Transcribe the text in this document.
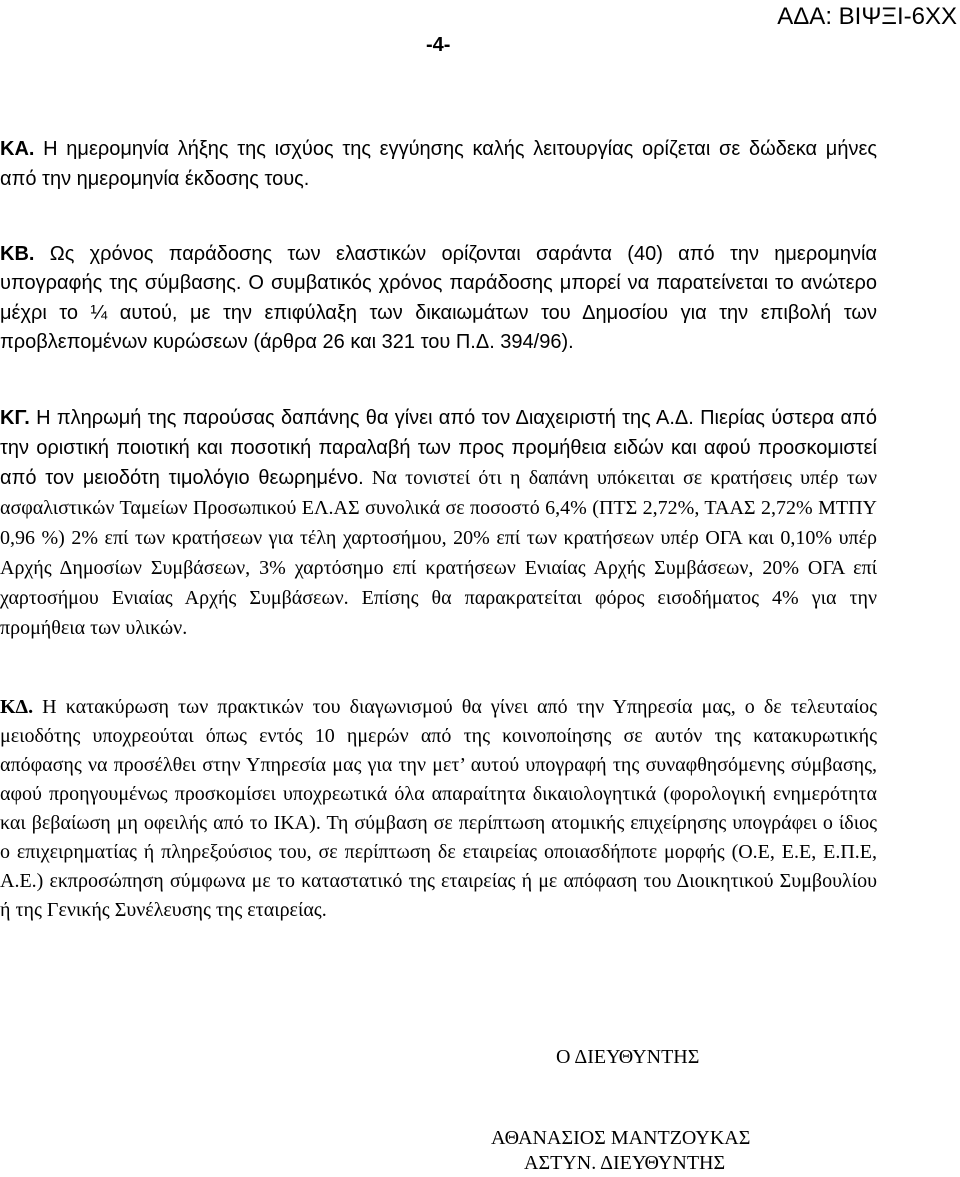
ΑΔΑ: ΒΙΨΞΙ-6ΧΧ
-4-

ΚΑ. Η ημερομηνία λήξης της ισχύος της εγγύησης καλής λειτουργίας ορίζεται σε δώδεκα μήνες από την ημερομηνία έκδοσης τους.

ΚΒ. Ως χρόνος παράδοσης των ελαστικών ορίζονται σαράντα (40) από την ημερομηνία υπογραφής της σύμβασης. Ο συμβατικός χρόνος παράδοσης μπορεί να παρατείνεται το ανώτερο μέχρι το ¼ αυτού, με την επιφύλαξη των δικαιωμάτων του Δημοσίου για την επιβολή των προβλεπομένων κυρώσεων (άρθρα 26 και 321 του Π.Δ. 394/96).

ΚΓ. Η πληρωμή της παρούσας δαπάνης θα γίνει από τον Διαχειριστή της Α.Δ. Πιερίας ύστερα από την οριστική ποιοτική και ποσοτική παραλαβή των προς προμήθεια ειδών και αφού προσκομιστεί από τον μειοδότη τιμολόγιο θεωρημένο. Να τονιστεί ότι η δαπάνη υπόκειται σε κρατήσεις υπέρ των ασφαλιστικών Ταμείων Προσωπικού ΕΛ.ΑΣ συνολικά σε ποσοστό 6,4% (ΠΤΣ 2,72%, ΤΑΑΣ 2,72% ΜΤΠΥ 0,96 %) 2% επί των κρατήσεων για τέλη χαρτοσήμου, 20% επί των κρατήσεων υπέρ ΟΓΑ και 0,10% υπέρ Αρχής Δημοσίων Συμβάσεων, 3% χαρτόσημο επί κρατήσεων Ενιαίας Αρχής Συμβάσεων, 20% ΟΓΑ επί χαρτοσήμου Ενιαίας Αρχής Συμβάσεων. Επίσης θα παρακρατείται φόρος εισοδήματος 4% για την προμήθεια των υλικών.

ΚΔ. Η κατακύρωση των πρακτικών του διαγωνισμού θα γίνει από την Υπηρεσία μας, ο δε τελευταίος μειοδότης υποχρεούται όπως εντός 10 ημερών από της κοινοποίησης σε αυτόν της κατακυρωτικής απόφασης να προσέλθει στην Υπηρεσία μας για την μετ’ αυτού υπογραφή της συναφθησόμενης σύμβασης, αφού προηγουμένως προσκομίσει υποχρεωτικά όλα απαραίτητα δικαιολογητικά (φορολογική ενημερότητα και βεβαίωση μη οφειλής από το ΙΚΑ). Τη σύμβαση σε περίπτωση ατομικής επιχείρησης υπογράφει ο ίδιος ο επιχειρηματίας ή πληρεξούσιος του, σε περίπτωση δε εταιρείας οποιασδήποτε μορφής (Ο.Ε, Ε.Ε, Ε.Π.Ε, Α.Ε.) εκπροσώπηση σύμφωνα με το καταστατικό της εταιρείας ή με απόφαση του Διοικητικού Συμβουλίου ή της Γενικής Συνέλευσης της εταιρείας.

Ο ΔΙΕΥΘΥΝΤΗΣ
ΑΘΑΝΑΣΙΟΣ ΜΑΝΤΖΟΥΚΑΣ
ΑΣΤΥΝ. ΔΙΕΥΘΥΝΤΗΣ
